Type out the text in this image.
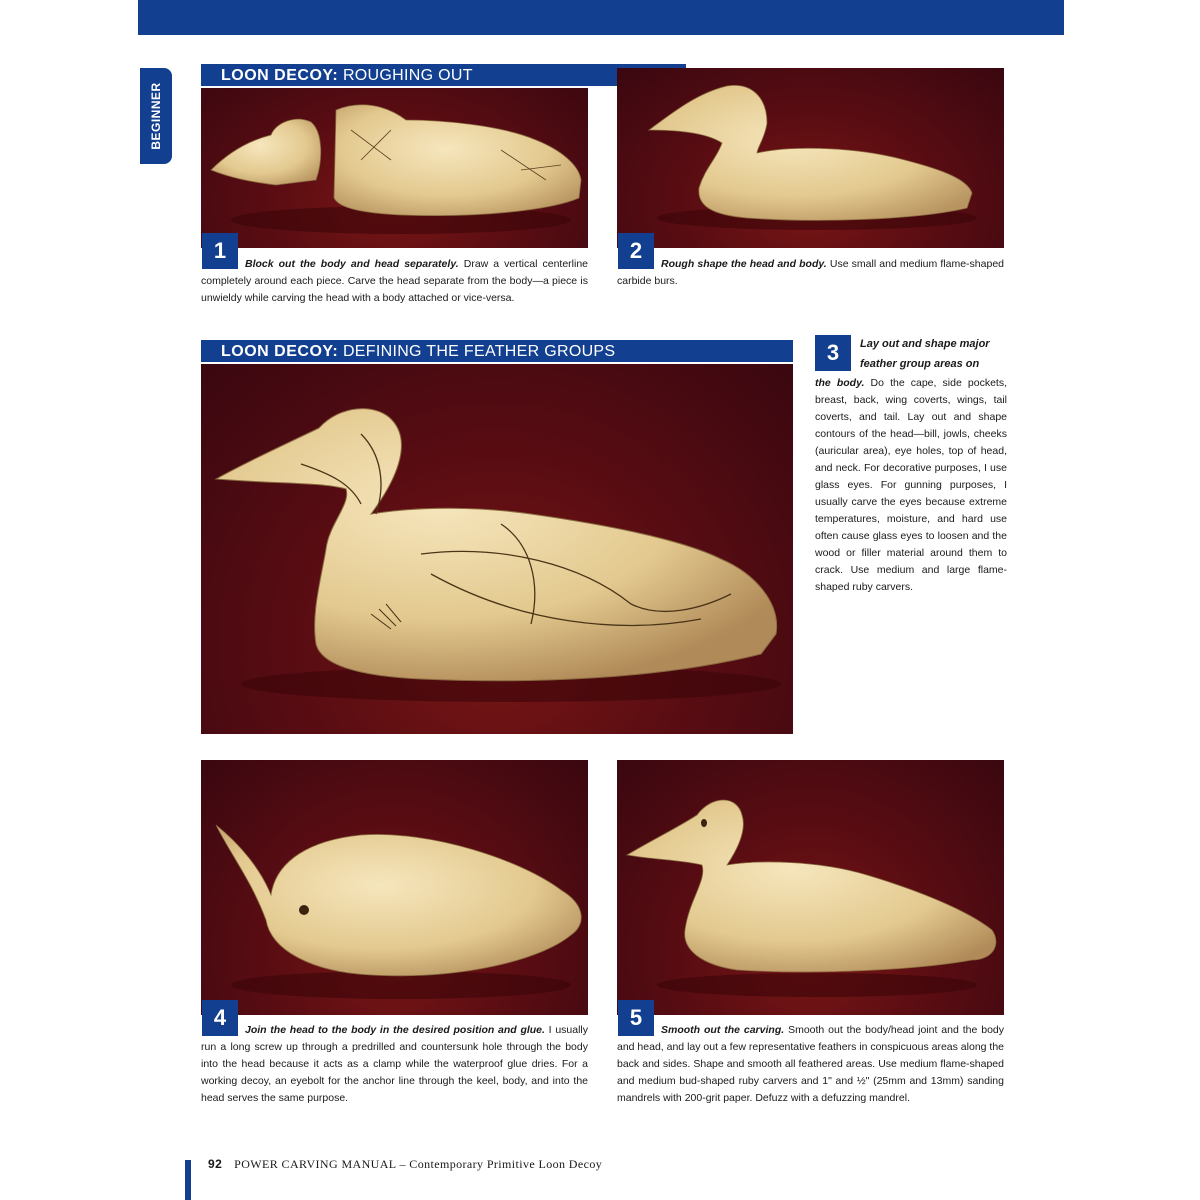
BEGINNER
LOON DECOY: ROUGHING OUT
1
Block out the body and head separately. Draw a vertical centerline completely around each piece. Carve the head separate from the body—a piece is unwieldy while carving the head with a body attached or vice-versa.
2
Rough shape the head and body. Use small and medium flame-shaped carbide burs.
LOON DECOY: DEFINING THE FEATHER GROUPS	3	Lay out and shape major feather group areas on
the body. Do the cape, side pockets, breast, back, wing coverts, wings, tail coverts, and tail. Lay out and shape contours of the head—bill, jowls, cheeks (auricular area), eye holes, top of head, and neck. For decorative purposes, I use glass eyes. For gunning purposes, I usually carve the eyes because extreme temperatures, moisture, and hard use often cause glass eyes to loosen and the wood or filler material around them to crack. Use medium and large flame-shaped ruby carvers.
4	Join the head to the body in the desired position and glue. I usually run a long screw up through a predrilled and countersunk hole through the body into the head because it acts as a clamp while the waterproof glue dries. For a working decoy, an eyebolt for the anchor line through the keel, body, and into the head serves the same purpose.
5	Smooth out the carving. Smooth out the body/head joint and the body and head, and lay out a few representative feathers in conspicuous areas along the back and sides. Shape and smooth all feathered areas. Use medium flame-shaped and medium bud-shaped ruby carvers and 1" and ½" (25mm and 13mm) sanding mandrels with 200-grit paper. Defuzz with a defuzzing mandrel.
92 POWER CARVING MANUAL – Contemporary Primitive Loon Decoy
